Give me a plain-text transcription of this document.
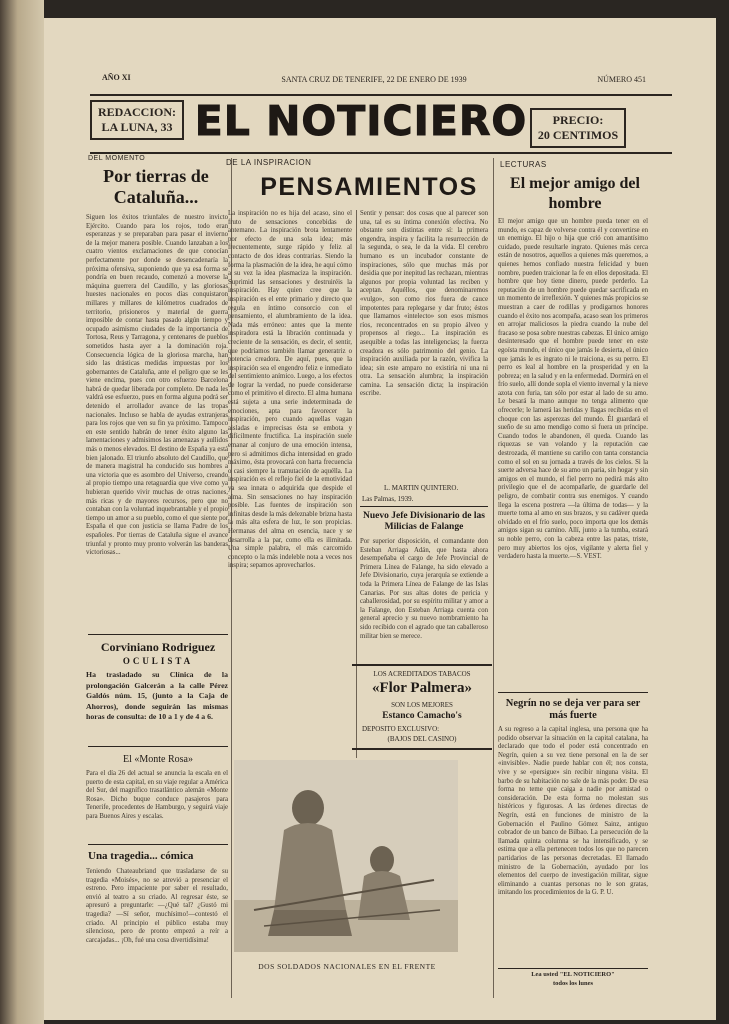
AÑO XI	SANTA CRUZ DE TENERIFE, 22 DE ENERO DE 1939	NÚMERO 451
REDACCION:
LA LUNA, 33 EL NOTICIERO	PRECIO:
20 CENTIMOS
DEL MOMENTO
Por tierras de Cataluña...
Siguen los éxitos triunfales de nuestro invicto Ejército. Cuando para los rojos, todo eran esperanzas y se preparaban para pasar el invierno de la mejor manera posible. Cuando lanzaban a los cuatro vientos exclamaciones de que conocían perfectamente por donde se desencadenaría la próxima ofensiva, suponiendo que ya esa forma se pondría en buen recaudo, comenzó a moverse la máquina guerrera del Caudillo, y las gloriosas huestes nacionales en pocos días conquistaron millares y millares de kilómetros cuadrados de territorio, prisioneros y material de guerra imposible de contar hasta pasado algún tiempo y ocupado asimismo ciudades de la importancia de Tortosa, Reus y Tarragona, y centenares de pueblos sometidos hasta ayer a la dominación roja. Consecuencia lógica de la gloriosa marcha, han sido las drásticas medidas impuestas por los gobernantes de Cataluña, ante el peligro que se les viene encima, pues con otro esfuerzo Barcelona habrá de quedar liberada por completo. De nada les valdrá ese esfuerzo, pues en forma alguna podrá ser detenido el arrollador avance de las tropas nacionales. Incluso se habla de ayudas extranjeras para los rojos que ven su fin ya próximo. Tampoco en este sentido habrán de tener éxito alguno las lamentaciones y admisimos las amenazas y aullidos más o menos elevados. El destino de España ya está bien jalonado. El triunfo absoluto del Caudillo, que de manera magistral ha conducido sus hombres a una victoria que es asombro del Universo, creando al propio tiempo una retaguardia que vive como ya hubieran querido vivir muchas de otras naciones, más ricas y de mayores recursos, pero que no contaban con la voluntad inquebrantable y el propio tiempo un amor a su pueblo, como el que siente por España el que con justicia se llama Padre de los españoles. Por tierras de Cataluña sigue el avance triunfal y pronto muy pronto volverán las banderas victoriosas...
Corviniano Rodriguez
OCULISTA
Ha trasladado su Clínica de la prolongación Galcerán a la calle Pérez Galdós núm. 15, (junto a la Caja de Ahorros), donde seguirán las mismas horas de consulta: de 10 a 1 y de 4 a 6.
El «Monte Rosa»
Para el día 26 del actual se anuncia la escala en el puerto de esta capital, en su viaje regular a América del Sur, del magnífico trasatlántico alemán «Monte Rosa». Dicho buque conduce pasajeros para Tenerife, procedentes de Hamburgo, y seguirá viaje para Buenos Aires y escalas.
Una tragedia... cómica
Teniendo Chateaubriand que trasladarse de su tragedia «Moisés», no se atrevió a presenciar el estreno. Pero impaciente por saber el resultado, envió al teatro a su criado. Al regresar éste, se apresuró a preguntarle: —¿Qué tal? ¿Gustó mi tragedia? —Sí señor, muchísimo!—contestó el criado. Al principio el público estaba muy silencioso, pero de pronto empezó a reír a carcajadas... ¡Oh, fué una cosa divertidísima!
DE LA INSPIRACION
PENSAMIENTOS
La inspiración no es hija del acaso, sino el fruto de sensaciones concebidas de antemano. La inspiración brota lentamente por efecto de una sola idea; más frecuentemente, surge rápido y feliz al contacto de dos ideas contrarias. Siendo la forma la plasmación de la idea, he aquí cómo a su vez la idea plasmaciza la inspiración. Suprimid las sensaciones y destruiréis la inspiración. Hay quien cree que la inspiración es el ente primario y directo que regula en íntimo consorcio con el pensamiento, el alumbramiento de la idea. Nada más erróneo: antes que la mente inspiradora está la libración continuada y creciente de la sensación, es decir, el sentir, que podríamos también llamar generatriz o potencia creadora. De aquí, pues, que la inspiración sea el engendro feliz e inmediato del sentimiento anímico. Luego, a los efectos de lograr la verdad, no puede considerarse como el primitivo el directo. El alma humana está sujeta a una serie indeterminada de emociones, apta para favorecer la inspiración, pero cuando aquellas vagan aisladas e imprecisas ésta se embota y difícilmente fructifica. La inspiración suele emanar al conjuro de una emoción intensa, pero si admitimos dicha intensidad en grado máximo, ésta provocará con harta frecuencia o casi siempre la tramutación de aquélla. La inspiración es el reflejo fiel de la emotividad ya sea innata o adquirida que despide el alma. Sin sensaciones no hay inspiración posible. Las fuentes de inspiración son infinitas desde la más deleznable brizna hasta la más alta esfera de luz, le son propicias. Hermanas del alma en esencia, nace y se desarrolla a la par, como ella es ilimitada. Una simple palabra, el más carcomido concepto o la más indeleble nota a veces nos inspira; sepamos aprovecharlos.
Sentir y pensar: dos cosas que al parecer son una, tal es su íntima conexión efectiva. No obstante son distintas entre sí: la primera engendra, inspira y facilita la resurrección de la segunda, o sea, le da la vida. El cerebro humano es un incubador constante de inspiraciones, sólo que muchas más por desidia que por inepitud las rechazan, mientras algunos por propia voluntad las reciben y aceptan. Aquéllos, que denominaremos «vulgo», son como ríos fuera de cauce impotentes para replegarse y dar fruto; éstos que llamamos «intelecto» son esos mismos ríos, reconcentrados en su propio álveo y propensos al riego... La inspiración es asequible a todas las inteligencias; la fuerza creadora es sólo patrimonio del genio. La inspiración auxiliada por la razón, vivifica la idea; sin este amparo no existiría ni una ni otra. La sensación alumbra; la inspiración camina. La sensación dicta; la inspiración escribe.
L. MARTIN QUINTERO.
Las Palmas, 1939.
Nuevo Jefe Divisionario de las Milicias de Falange
Por superior disposición, el comandante don Esteban Arriaga Adán, que hasta ahora desempeñaba el cargo de Jefe Provincial de Primera Línea de Falange, ha sido elevado a Jefe Divisionario, cuya jerarquía se extiende a toda la Primera Línea de Falange de las Islas Canarias. Por sus altas dotes de pericia y caballerosidad, por su espíritu militar y amor a la Falange, don Esteban Arriaga cuenta con general aprecio y su nuevo nombramiento ha sido recibido con el agrado que tan caballeroso militar bien se merece.
LOS ACREDITADOS TABACOS
«Flor Palmera»
SON LOS MEJORES
Estanco Camacho's
DEPOSITO EXCLUSIVO:
(BAJOS DEL CASINO)
DOS SOLDADOS NACIONALES EN EL FRENTE
LECTURAS
El mejor amigo del hombre
El mejor amigo que un hombre pueda tener en el mundo, es capaz de volverse contra él y convertirse en un enemigo. El hijo o hija que crió con amantísimo cuidado, puede resultarle ingrato. Quienes más cerca están de nosotros, aquellos a quienes más queremos, a quienes hemos confiado nuestra felicidad y buen nombre, pueden traicionar la fe en ellos depositada. El hombre que hoy tiene dinero, puede perderlo. La reputación de un hombre puede quedar sacrificada en un momento de irreflexión. Y quienes más propicios se muestran a caer de rodillas y prodigarnos honores cuando el éxito nos acompaña, acaso sean los primeros en arrojar maliciosos la piedra cuando la nube del fracaso se posa sobre nuestras cabezas. El único amigo desinteresado que el hombre puede tener en este egoísta mundo, el único que jamás le desierta, el único que jamás le es ingrato ni le traiciona, es su perro. El perro es leal al hombre en la prosperidad y en la pobreza; en la salud y en la enfermedad. Dormirá en el frío suelo, allí donde sopla el viento invernal y la nieve azota con furia, tan sólo por estar al lado de su amo. Le besará la mano aunque no tenga alimento que ofrecerle; le lamerá las heridas y llagas recibidas en el choque con las asperezas del mundo. Él guardará el sueño de su amo mendigo como si fuera un príncipe. Cuando todos le abandonen, él queda. Cuando las riquezas se van volando y la reputación cae destrozada, él mantiene su cariño con tanta constancia como el sol en su jornada a través de los cielos. Si la suerte adversa hace de su amo un paria, sin hogar y sin amigos en el mundo, el fiel perro no pedirá más alto privilegio que el de acompañarle, de guardarle del peligro, de combatir contra sus enemigos. Y cuando llega la escena postrera —la última de todas— y la muerte toma al amo en sus brazos, y su cadáver queda olvidado en el frío suelo, poco importa que los demás amigos sigan su camino. Allí, junto a la tumba, estará su noble perro, con la cabeza entre las patas, triste, pero muy abiertos los ojos, vigilante y alerta fiel y verdadero hasta la muerte.—S. VEST.
Negrín no se deja ver para ser más fuerte
A su regreso a la capital inglesa, una persona que ha podido observar la situación en la capital catalana, ha declarado que todo el poder está concentrado en Negrín, quien a su vez tiene personal en la de ser «invisible». Nadie puede hablar con él; nos consta, vive y se «persigue» sin recibir ninguna visita. El barbo de su habitación no sale de la más poder. De esa forma no teme que caiga a nadie por amistad o consideración. De esta forma no molestan sus histéricos y figurosas. A las órdenes directas de Negrín, está en funciones de ministro de la Gobernación el Paulino Gómez Sainz, antiguo cobrador de un banco de Bilbao. La persecución de la llamada quinta columna se ha intensificado, y se estima que a ella pertenecen todos los que no parecen partidarios de las personas decretadas. El llamado ministro de la Gobernación, ayudado por los elementos del cuerpo de investigación militar, sigue eliminando a cuantas personas no le son gratas, imitando los procedimientos de la G. P. U.
Lea usted "EL NOTICIERO"
todos los lunes
